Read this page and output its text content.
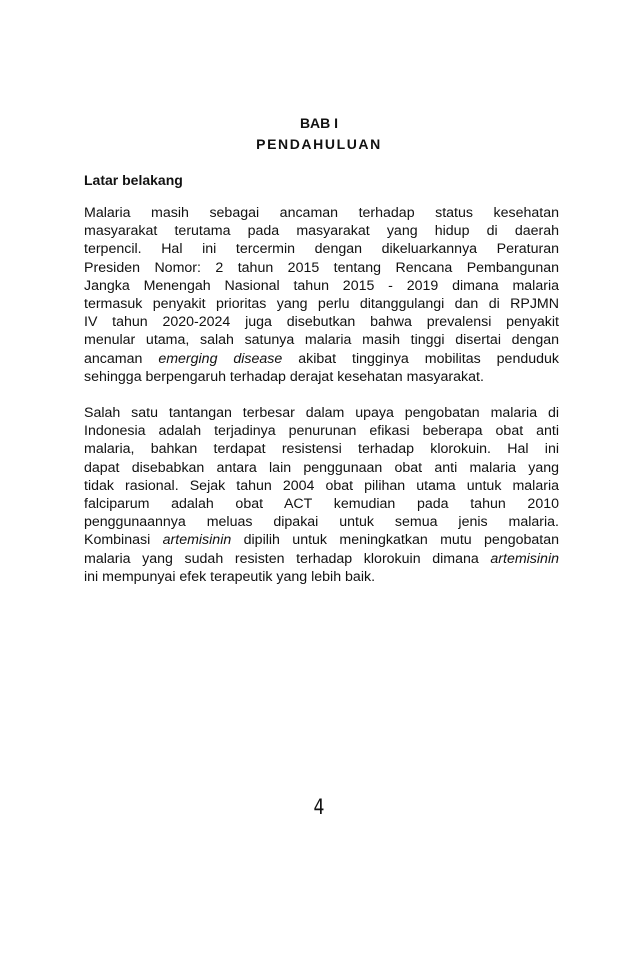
BAB I
PENDAHULUAN
Latar belakang
Malaria masih sebagai ancaman terhadap status kesehatan
masyarakat terutama pada masyarakat yang hidup di daerah
terpencil. Hal ini tercermin dengan dikeluarkannya Peraturan
Presiden Nomor: 2 tahun 2015 tentang Rencana Pembangunan
Jangka Menengah Nasional tahun 2015 - 2019 dimana malaria
termasuk penyakit prioritas yang perlu ditanggulangi dan di RPJMN
IV tahun 2020-2024 juga disebutkan bahwa prevalensi penyakit
menular utama, salah satunya malaria masih tinggi disertai dengan
ancaman emerging disease akibat tingginya mobilitas penduduk
sehingga berpengaruh terhadap derajat kesehatan masyarakat.
Salah satu tantangan terbesar dalam upaya pengobatan malaria di
Indonesia adalah terjadinya penurunan efikasi beberapa obat anti
malaria, bahkan terdapat resistensi terhadap klorokuin. Hal ini
dapat disebabkan antara lain penggunaan obat anti malaria yang
tidak rasional. Sejak tahun 2004 obat pilihan utama untuk malaria
falciparum adalah obat ACT kemudian pada tahun 2010
penggunaannya meluas dipakai untuk semua jenis malaria.
Kombinasi artemisinin dipilih untuk meningkatkan mutu pengobatan
malaria yang sudah resisten terhadap klorokuin dimana artemisinin
ini mempunyai efek terapeutik yang lebih baik.
4
